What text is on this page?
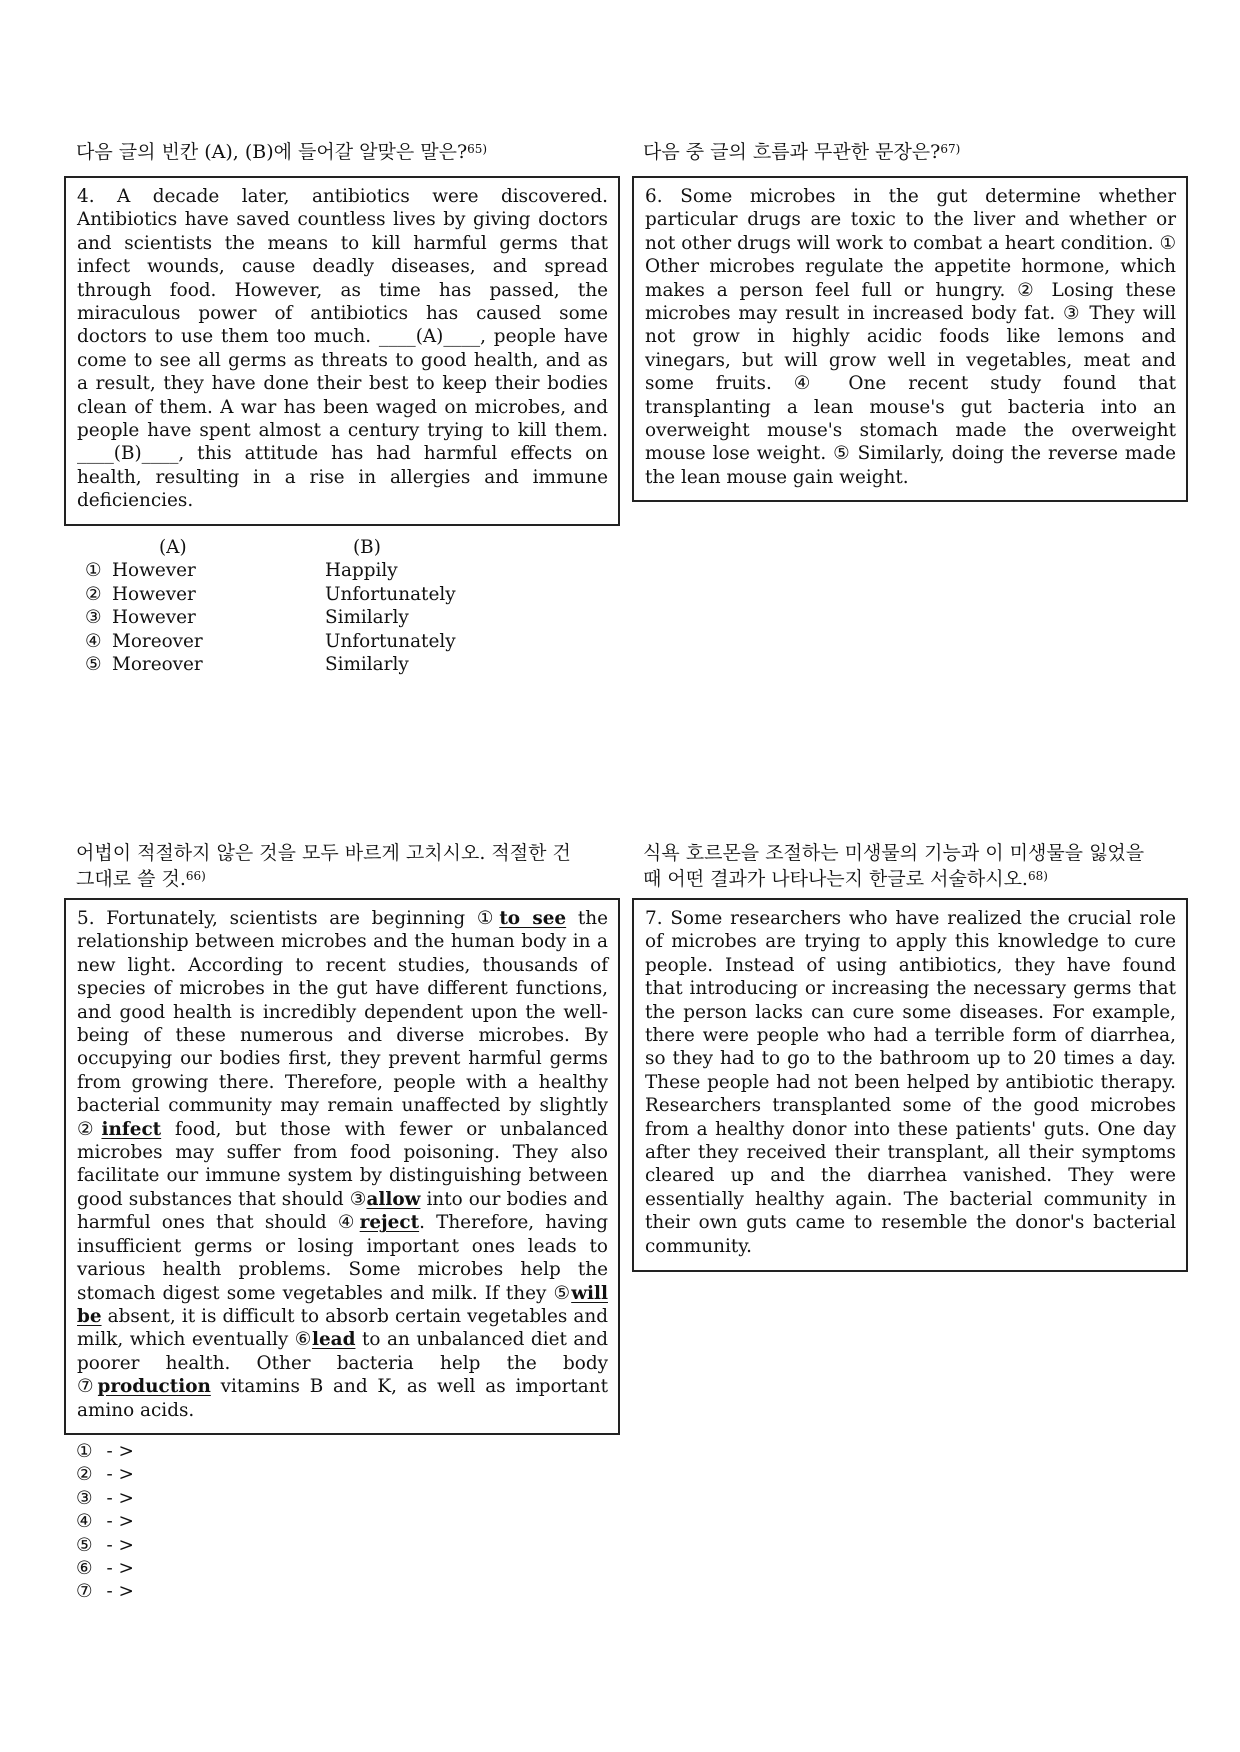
다음 글의 빈칸 (A), (B)에 들어갈 알맞은 말은?$^{65)}$

4. A decade later, antibiotics were discovered. Antibiotics have saved countless lives by giving doctors and scientists the means to kill harmful germs that infect wounds, cause deadly diseases, and spread through food. However, as time has passed, the miraculous power of antibiotics has caused some doctors to use them too much. ____(A)____, people have come to see all germs as threats to good health, and as a result, they have done their best to keep their bodies clean of them. A war has been waged on microbes, and people have spent almost a century trying to kill them. ____(B)____, this attitude has had harmful effects on health, resulting in a rise in allergies and immune deficiencies.

(A)	(B)
① However	Happily
② However	Unfortunately
③ However	Similarly
④ Moreover	Unfortunately
⑤ Moreover	Similarly
다음 중 글의 흐름과 무관한 문장은?$^{67)}$

6. Some microbes in the gut determine whether particular drugs are toxic to the liver and whether or not other drugs will work to combat a heart condition. ① Other microbes regulate the appetite hormone, which makes a person feel full or hungry. ② Losing these microbes may result in increased body fat. ③ They will not grow in highly acidic foods like lemons and vinegars, but will grow well in vegetables, meat and some fruits. ④ One recent study found that transplanting a lean mouse's gut bacteria into an overweight mouse's stomach made the overweight mouse lose weight. ⑤ Similarly, doing the reverse made the lean mouse gain weight.

어법이 적절하지 않은 것을 모두 바르게 고치시오. 적절한 건
그대로 쓸 것.$^{66)}$

5. Fortunately, scientists are beginning ①to see the relationship between microbes and the human body in a new light. According to recent studies, thousands of species of microbes in the gut have different functions, and good health is incredibly dependent upon the well-being of these numerous and diverse microbes. By occupying our bodies first, they prevent harmful germs from growing there. Therefore, people with a healthy bacterial community may remain unaffected by slightly ②infect food, but those with fewer or unbalanced microbes may suffer from food poisoning. They also facilitate our immune system by distinguishing between good substances that should ③allow into our bodies and harmful ones that should ④reject. Therefore, having insufficient germs or losing important ones leads to various health problems. Some microbes help the stomach digest some vegetables and milk. If they ⑤will be absent, it is difficult to absorb certain vegetables and milk, which eventually ⑥lead to an unbalanced diet and poorer health. Other bacteria help the body ⑦production vitamins B and K, as well as important amino acids.

① - >
② - >
③ - >
④ - >
⑤ - >
⑥ - >
⑦ - >
식욕 호르몬을 조절하는 미생물의 기능과 이 미생물을 잃었을
때 어떤 결과가 나타나는지 한글로 서술하시오.$^{68)}$

7. Some researchers who have realized the crucial role of microbes are trying to apply this knowledge to cure people. Instead of using antibiotics, they have found that introducing or increasing the necessary germs that the person lacks can cure some diseases. For example, there were people who had a terrible form of diarrhea, so they had to go to the bathroom up to 20 times a day. These people had not been helped by antibiotic therapy. Researchers transplanted some of the good microbes from a healthy donor into these patients' guts. One day after they received their transplant, all their symptoms cleared up and the diarrhea vanished. They were essentially healthy again. The bacterial community in their own guts came to resemble the donor's bacterial community.
